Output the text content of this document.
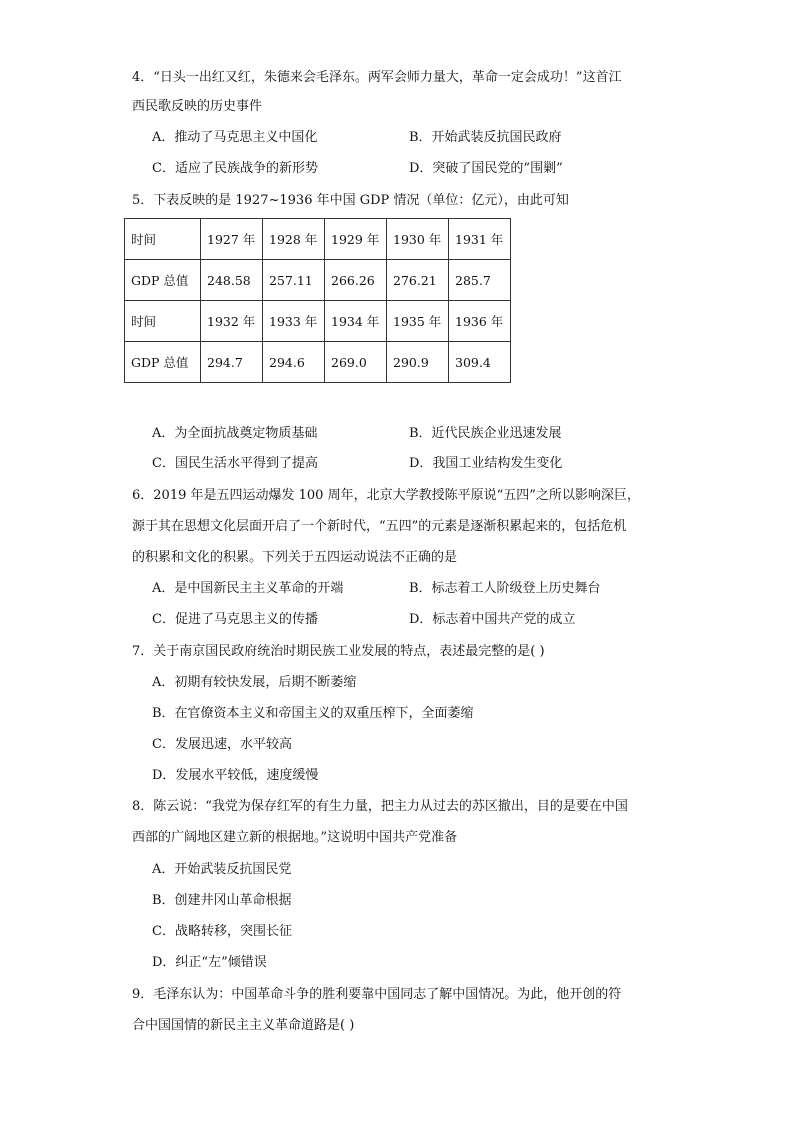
4．“日头一出红又红，朱德来会毛泽东。两军会师力量大，革命一定会成功！”这首江
西民歌反映的历史事件
A．推动了马克思主义中国化	B．开始武装反抗国民政府
C．适应了民族战争的新形势	D．突破了国民党的“围剿”
5．下表反映的是 1927~1936 年中国 GDP 情况（单位：亿元），由此可知
时间	1927 年	1928 年	1929 年	1930 年	1931 年
GDP 总值	248.58	257.11	266.26	276.21	285.7
时间	1932 年	1933 年	1934 年	1935 年	1936 年
GDP 总值	294.7	294.6	269.0	290.9	309.4
A．为全面抗战奠定物质基础	B．近代民族企业迅速发展
C．国民生活水平得到了提高	D．我国工业结构发生变化
6．2019 年是五四运动爆发 100 周年，北京大学教授陈平原说“五四”之所以影响深巨，
源于其在思想文化层面开启了一个新时代，“五四”的元素是逐渐积累起来的，包括危机
的积累和文化的积累。下列关于五四运动说法不正确的是
A．是中国新民主主义革命的开端	B．标志着工人阶级登上历史舞台
C．促进了马克思主义的传播	D．标志着中国共产党的成立
7．关于南京国民政府统治时期民族工业发展的特点，表述最完整的是( )
A．初期有较快发展，后期不断萎缩
B．在官僚资本主义和帝国主义的双重压榨下，全面萎缩
C．发展迅速，水平较高
D．发展水平较低，速度缓慢
8．陈云说：“我党为保存红军的有生力量，把主力从过去的苏区撤出，目的是要在中国
西部的广阔地区建立新的根据地。”这说明中国共产党准备
A．开始武装反抗国民党
B．创建井冈山革命根据
C．战略转移，突围长征
D．纠正“左”倾错误
9．毛泽东认为：中国革命斗争的胜利要靠中国同志了解中国情况。为此，他开创的符
合中国国情的新民主主义革命道路是( )
